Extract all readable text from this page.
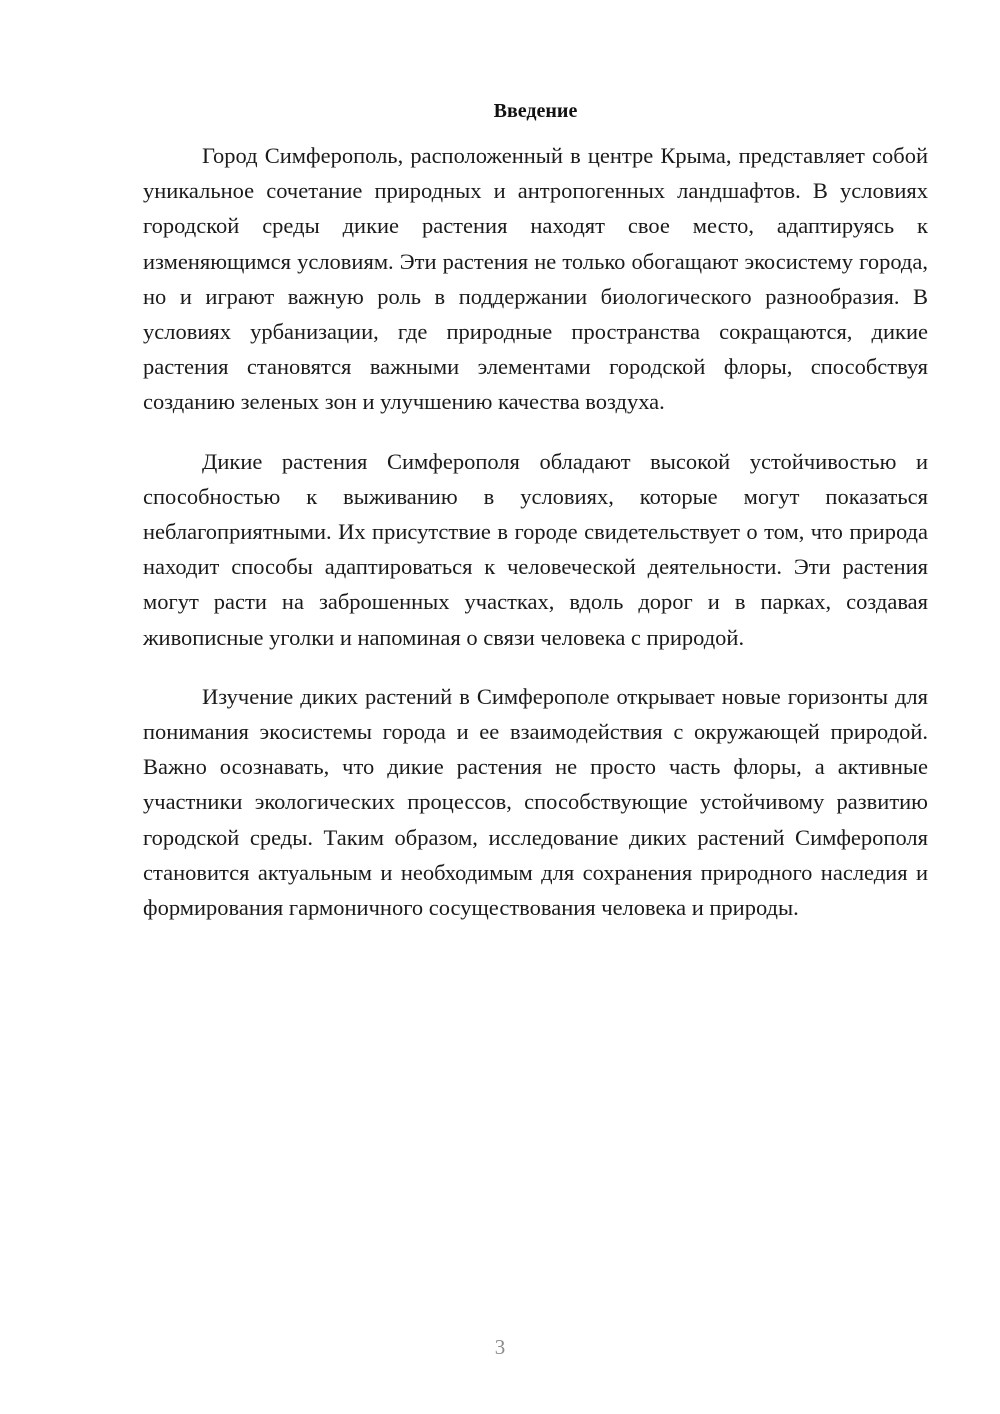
Введение

Город Симферополь, расположенный в центре Крыма, представляет собой уникальное сочетание природных и антропогенных ландшафтов. В условиях городской среды дикие растения находят свое место, адаптируясь к изменяющимся условиям. Эти растения не только обогащают экосистему города, но и играют важную роль в поддержании биологического разнообразия. В условиях урбанизации, где природные пространства сокращаются, дикие растения становятся важными элементами городской флоры, способствуя созданию зеленых зон и улучшению качества воздуха.

Дикие растения Симферополя обладают высокой устойчивостью и способностью к выживанию в условиях, которые могут показаться неблагоприятными. Их присутствие в городе свидетельствует о том, что природа находит способы адаптироваться к человеческой деятельности. Эти растения могут расти на заброшенных участках, вдоль дорог и в парках, создавая живописные уголки и напоминая о связи человека с природой.

Изучение диких растений в Симферополе открывает новые горизонты для понимания экосистемы города и ее взаимодействия с окружающей природой. Важно осознавать, что дикие растения не просто часть флоры, а активные участники экологических процессов, способствующие устойчивому развитию городской среды. Таким образом, исследование диких растений Симферополя становится актуальным и необходимым для сохранения природного наследия и формирования гармоничного сосуществования человека и природы.

3
